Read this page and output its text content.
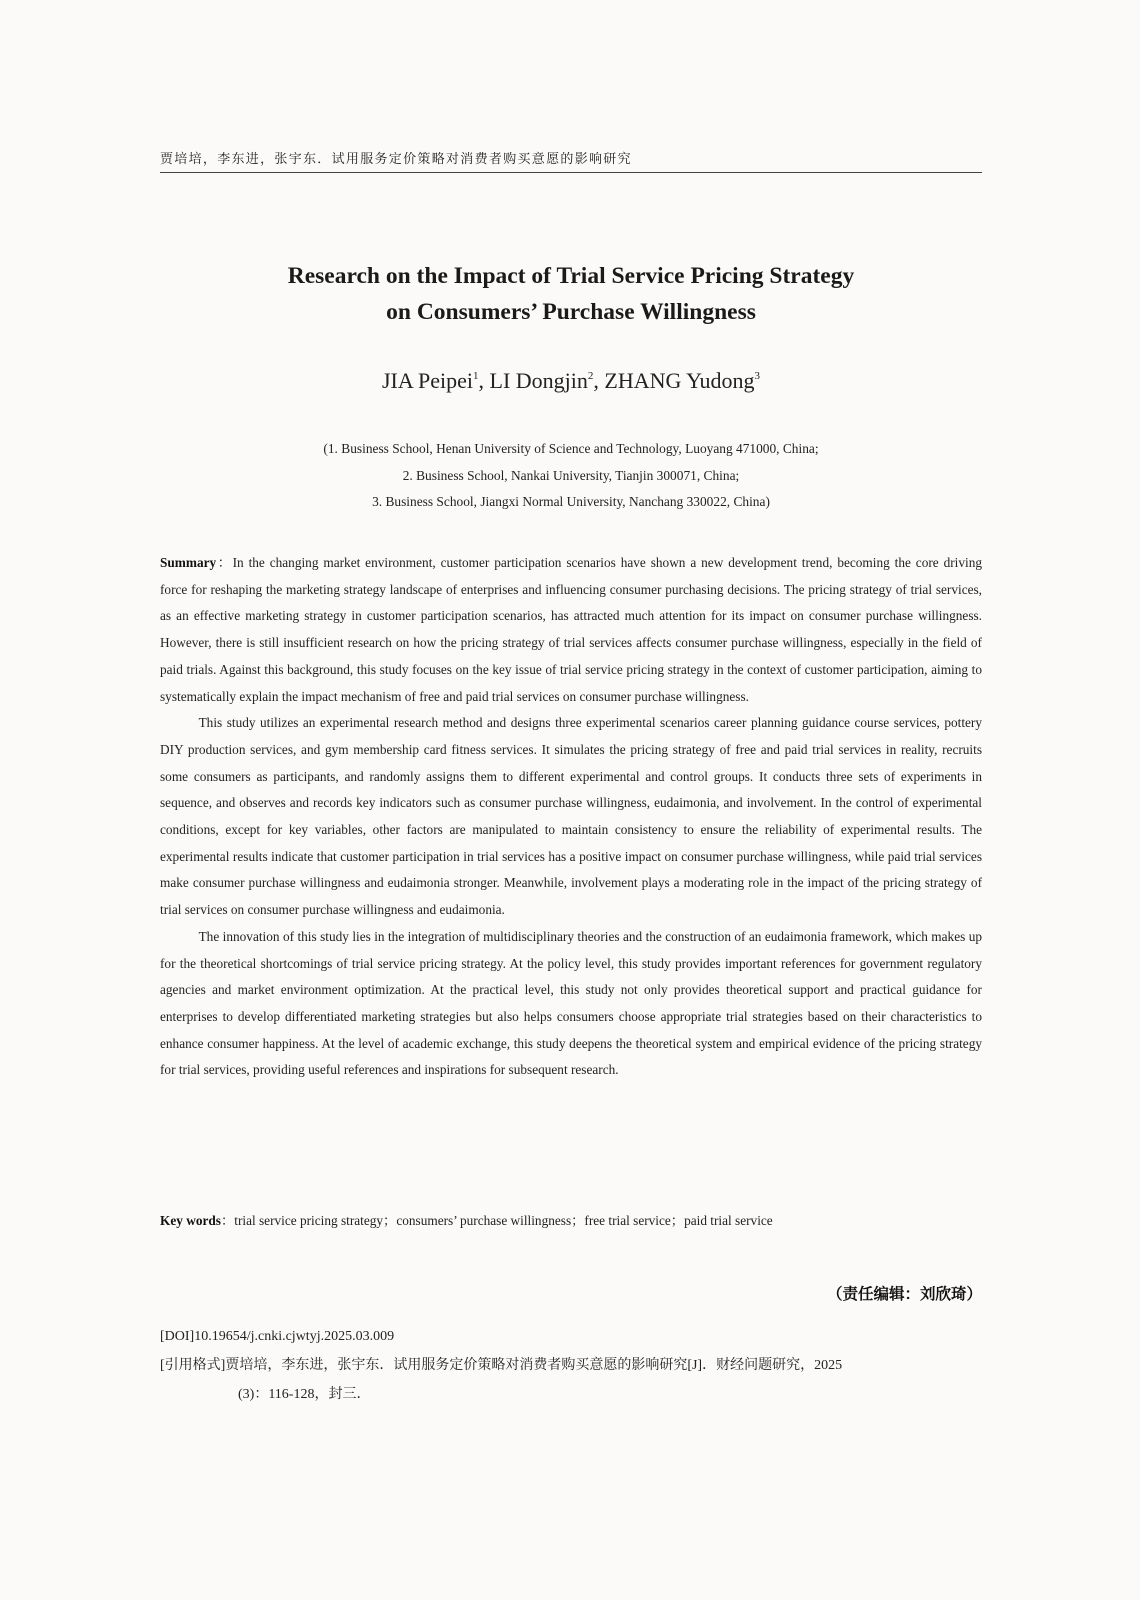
贾培培，李东进，张宇东．试用服务定价策略对消费者购买意愿的影响研究
Research on the Impact of Trial Service Pricing Strategy
on Consumers’ Purchase Willingness
JIA Peipei$^1$, LI Dongjin$^2$, ZHANG Yudong$^3$
(1. Business School, Henan University of Science and Technology, Luoyang 471000, China;
2. Business School, Nankai University, Tianjin 300071, China;
3. Business School, Jiangxi Normal University, Nanchang 330022, China)

Summary：In the changing market environment, customer participation scenarios have shown a new development trend, becoming the core driving force for reshaping the marketing strategy landscape of enterprises and influencing consumer purchasing decisions. The pricing strategy of trial services, as an effective marketing strategy in customer participation scenarios, has attracted much attention for its impact on consumer purchase willingness. However, there is still insufficient research on how the pricing strategy of trial services affects consumer purchase willingness, especially in the field of paid trials. Against this background, this study focuses on the key issue of trial service pricing strategy in the context of customer participation, aiming to systematically explain the impact mechanism of free and paid trial services on consumer purchase willingness.

This study utilizes an experimental research method and designs three experimental scenarios career planning guidance course services, pottery DIY production services, and gym membership card fitness services. It simulates the pricing strategy of free and paid trial services in reality, recruits some consumers as participants, and randomly assigns them to different experimental and control groups. It conducts three sets of experiments in sequence, and observes and records key indicators such as consumer purchase willingness, eudaimonia, and involvement. In the control of experimental conditions, except for key variables, other factors are manipulated to maintain consistency to ensure the reliability of experimental results. The experimental results indicate that customer participation in trial services has a positive impact on consumer purchase willingness, while paid trial services make consumer purchase willingness and eudaimonia stronger. Meanwhile, involvement plays a moderating role in the impact of the pricing strategy of trial services on consumer purchase willingness and eudaimonia.

The innovation of this study lies in the integration of multidisciplinary theories and the construction of an eudaimonia framework, which makes up for the theoretical shortcomings of trial service pricing strategy. At the policy level, this study provides important references for government regulatory agencies and market environment optimization. At the practical level, this study not only provides theoretical support and practical guidance for enterprises to develop differentiated marketing strategies but also helps consumers choose appropriate trial strategies based on their characteristics to enhance consumer happiness. At the level of academic exchange, this study deepens the theoretical system and empirical evidence of the pricing strategy for trial services, providing useful references and inspirations for subsequent research.

Key words：trial service pricing strategy；consumers’ purchase willingness；free trial service；paid trial service
（责任编辑：刘欣琦）
[DOI]10.19654/j.cnki.cjwtyj.2025.03.009
[引用格式]贾培培，李东进，张宇东．试用服务定价策略对消费者购买意愿的影响研究[J]．财经问题研究，2025
(3)：116-128，封三．
